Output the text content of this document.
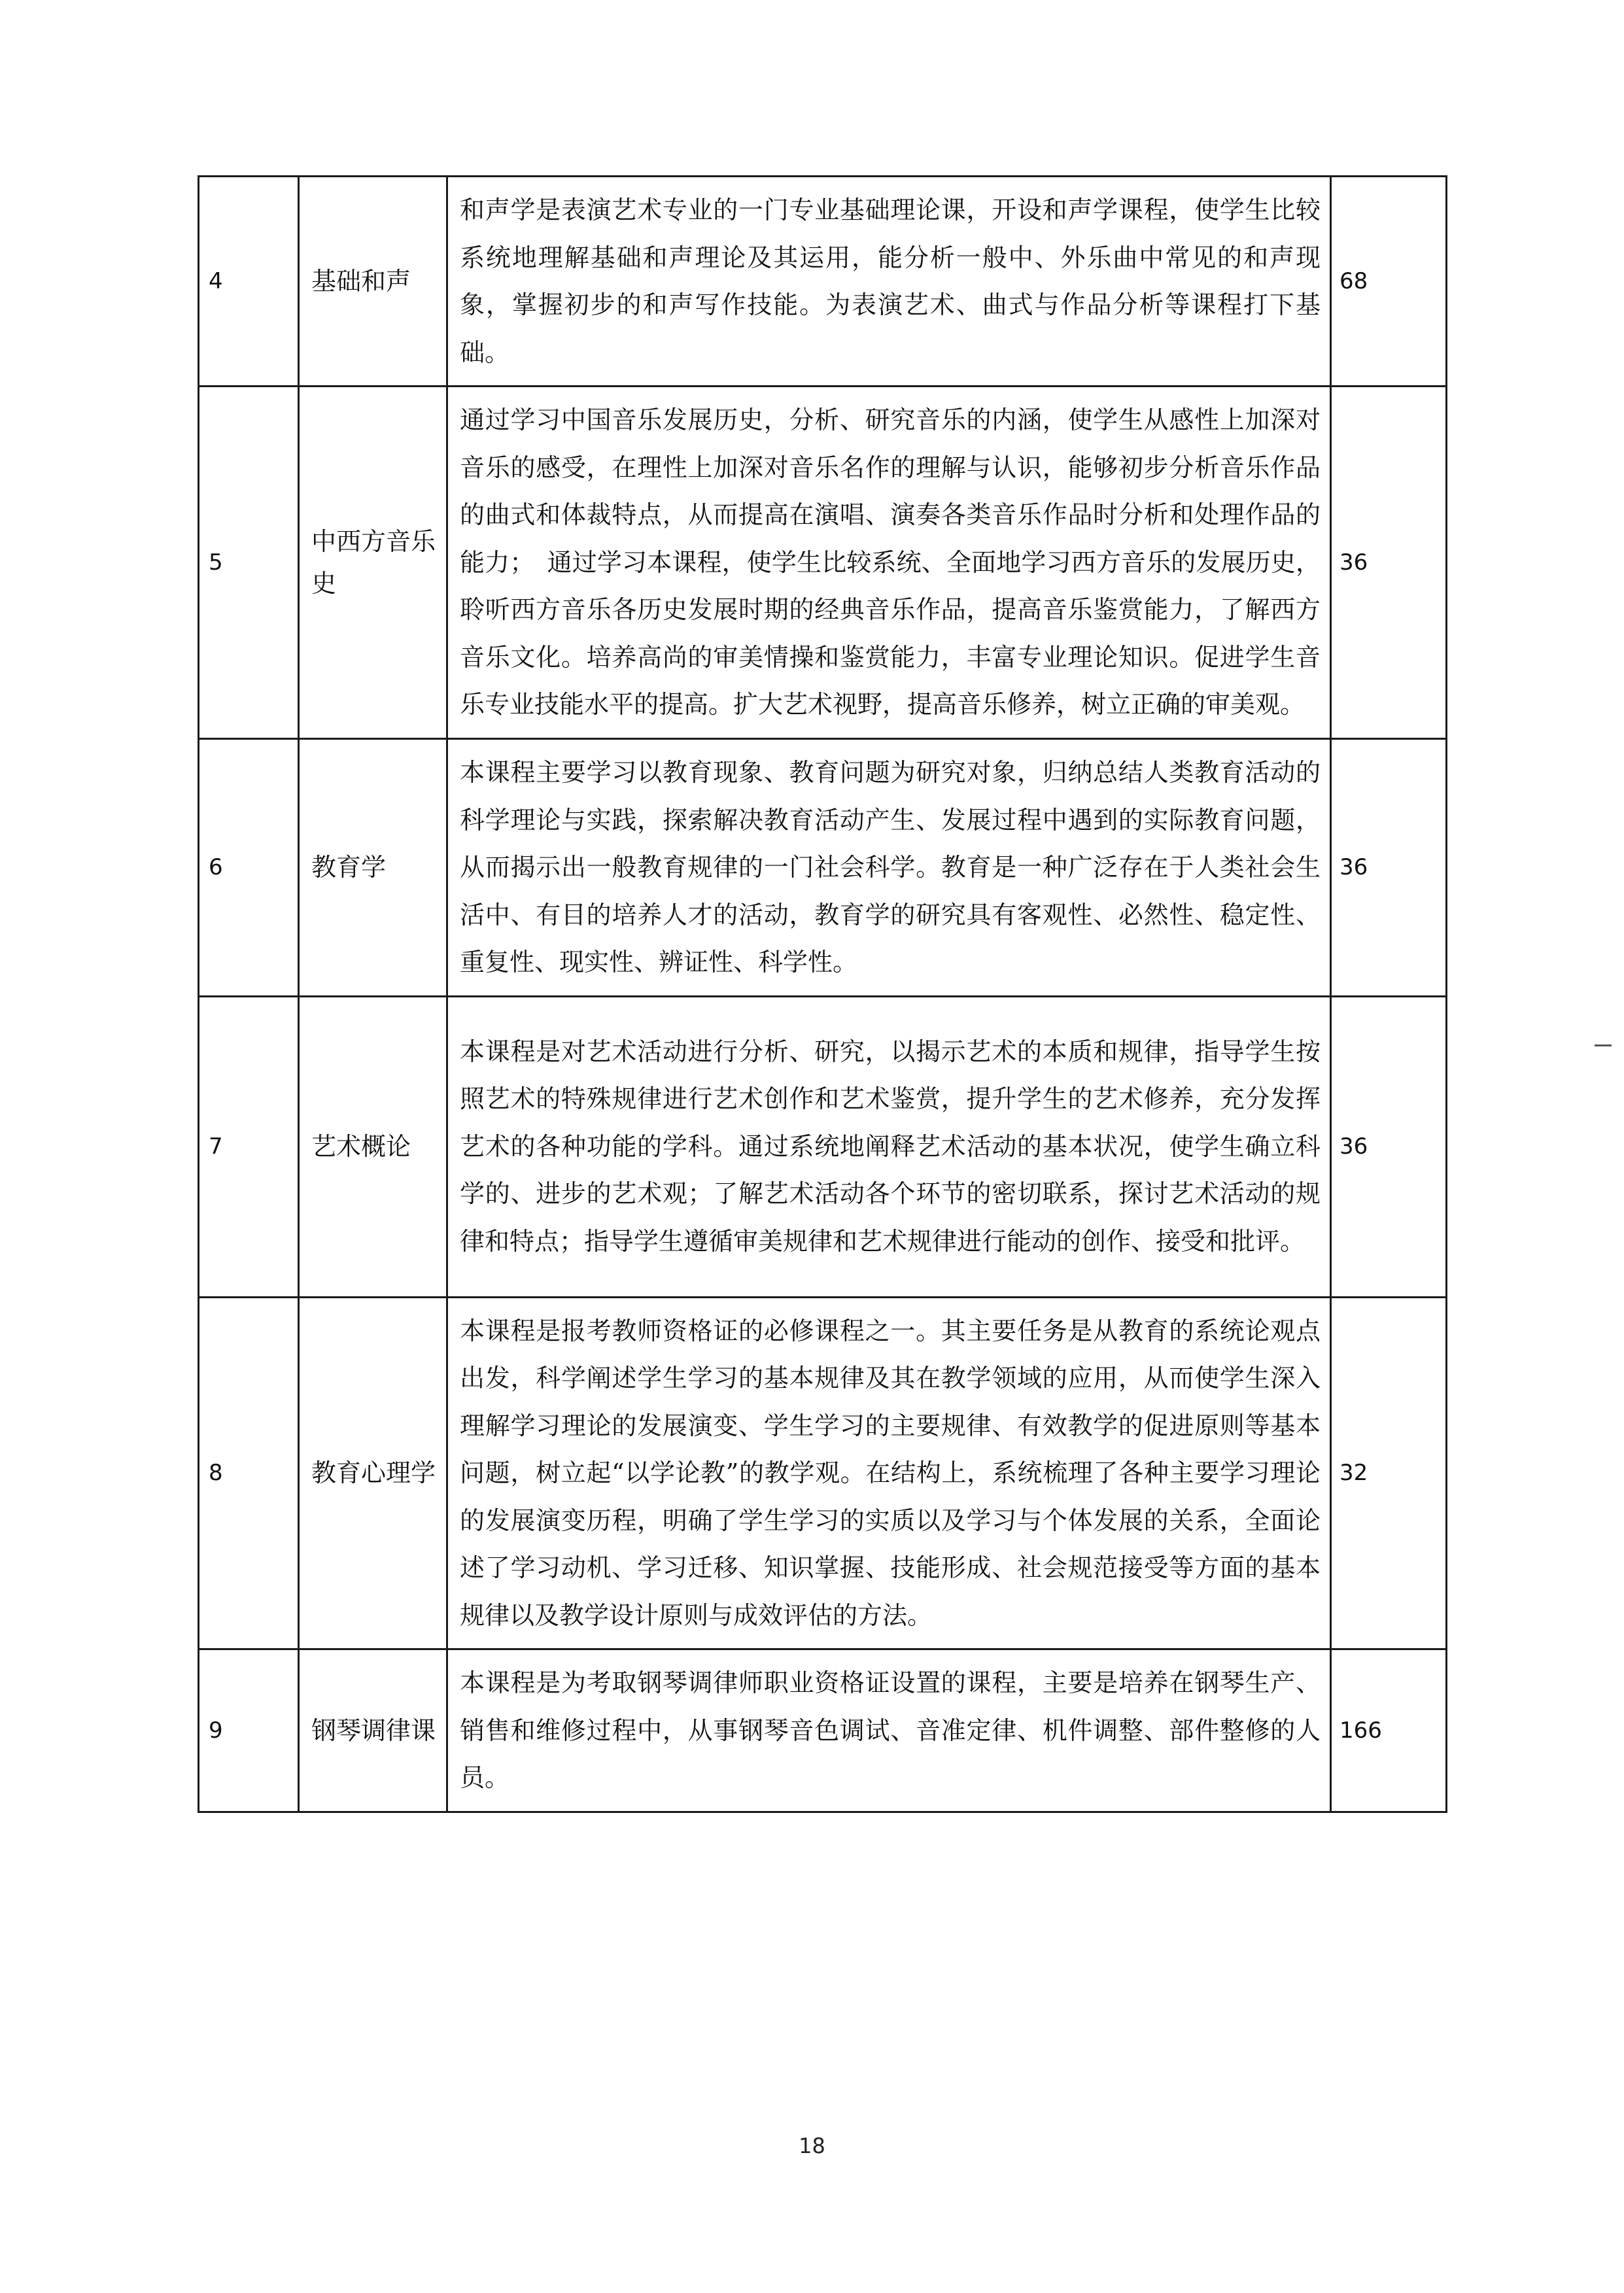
4	基础和声	和声学是表演艺术专业的一门专业基础理论课，开设和声学课程，使学生比较系统地理解基础和声理论及其运用，能分析一般中、外乐曲中常见的和声现象，掌握初步的和声写作技能。为表演艺术、曲式与作品分析等课程打下基础。	68
5	中西方音乐史	通过学习中国音乐发展历史，分析、研究音乐的内涵，使学生从感性上加深对音乐的感受，在理性上加深对音乐名作的理解与认识，能够初步分析音乐作品的曲式和体裁特点，从而提高在演唱、演奏各类音乐作品时分析和处理作品的能力；　通过学习本课程，使学生比较系统、全面地学习西方音乐的发展历史，聆听西方音乐各历史发展时期的经典音乐作品，提高音乐鉴赏能力，了解西方音乐文化。培养高尚的审美情操和鉴赏能力，丰富专业理论知识。促进学生音乐专业技能水平的提高。扩大艺术视野，提高音乐修养，树立正确的审美观。	36
6	教育学	本课程主要学习以教育现象、教育问题为研究对象，归纳总结人类教育活动的科学理论与实践，探索解决教育活动产生、发展过程中遇到的实际教育问题，从而揭示出一般教育规律的一门社会科学。教育是一种广泛存在于人类社会生活中、有目的培养人才的活动，教育学的研究具有客观性、必然性、稳定性、重复性、现实性、辨证性、科学性。	36
7	艺术概论	本课程是对艺术活动进行分析、研究，以揭示艺术的本质和规律，指导学生按照艺术的特殊规律进行艺术创作和艺术鉴赏，提升学生的艺术修养，充分发挥艺术的各种功能的学科。通过系统地阐释艺术活动的基本状况，使学生确立科学的、进步的艺术观；了解艺术活动各个环节的密切联系，探讨艺术活动的规律和特点；指导学生遵循审美规律和艺术规律进行能动的创作、接受和批评。	36
8	教育心理学	本课程是报考教师资格证的必修课程之一。其主要任务是从教育的系统论观点出发，科学阐述学生学习的基本规律及其在教学领域的应用，从而使学生深入理解学习理论的发展演变、学生学习的主要规律、有效教学的促进原则等基本问题，树立起“以学论教”的教学观。在结构上，系统梳理了各种主要学习理论的发展演变历程，明确了学生学习的实质以及学习与个体发展的关系，全面论述了学习动机、学习迁移、知识掌握、技能形成、社会规范接受等方面的基本规律以及教学设计原则与成效评估的方法。	32
9	钢琴调律课	本课程是为考取钢琴调律师职业资格证设置的课程，主要是培养在钢琴生产、销售和维修过程中，从事钢琴音色调试、音准定律、机件调整、部件整修的人员。	166
18
